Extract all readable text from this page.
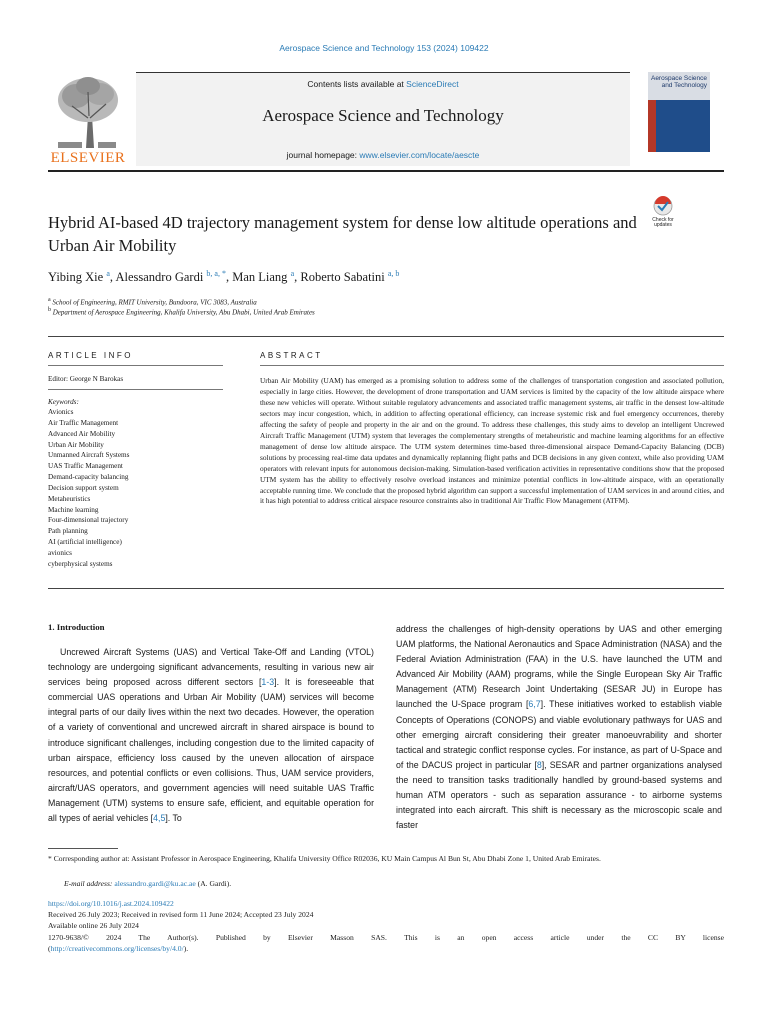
Aerospace Science and Technology 153 (2024) 109422
ELSEVIER
Contents lists available at ScienceDirect
Aerospace Science and Technology
journal homepage: www.elsevier.com/locate/aescte
Aerospace Science and Technology
Hybrid AI-based 4D trajectory management system for dense low altitude operations and Urban Air Mobility
Check for updates
Yibing Xie $^a$, Alessandro Gardi $^{b, a, *}$, Man Liang $^a$, Roberto Sabatini $^{a, b}$
$^a$ School of Engineering, RMIT University, Bundoora, VIC 3083, Australia
$^b$ Department of Aerospace Engineering, Khalifa University, Abu Dhabi, United Arab Emirates
ARTICLE INFO	ABSTRACT
Editor: George N Barokas
Keywords:
Avionics
Air Traffic Management
Advanced Air Mobility
Urban Air Mobility
Unmanned Aircraft Systems
UAS Traffic Management
Demand-capacity balancing
Decision support system
Metaheuristics
Machine learning
Four-dimensional trajectory
Path planning
AI (artificial intelligence)
avionics
cyberphysical systems
Urban Air Mobility (UAM) has emerged as a promising solution to address some of the challenges of transportation congestion and associated pollution, especially in large cities. However, the development of drone transportation and UAM services is limited by the capacity of the low altitude airspace where these new vehicles will operate. Without suitable regulatory advancements and associated traffic management systems, air traffic in the densest low-altitude sectors may incur congestion, which, in addition to affecting operational efficiency, can increase systemic risk and fuel emergency occurrences, thereby affecting the safety of people and property in the air and on the ground. To address these challenges, this study aims to develop an intelligent Uncrewed Aircraft Traffic Management (UTM) system that leverages the complementary strengths of metaheuristic and machine learning algorithms for an effective management of dense low altitude airspace. The UTM system determines time-based three-dimensional airspace Demand-Capacity Balancing (DCB) solutions by processing real-time data updates and dynamically replanning flight paths and DCB decisions in any given context, while also providing UAM operators with relevant inputs for autonomous decision-making. Simulation-based verification activities in representative conditions show that the proposed UTM system has the ability to effectively resolve overload instances and minimize potential conflicts in low-altitude airspace, with an operationally acceptable running time. We conclude that the proposed hybrid algorithm can support a successful implementation of UAM services in and around cities, and it has high potential to address critical airspace resource constraints also in traditional Air Traffic Flow Management (ATFM).
1. Introduction
Uncrewed Aircraft Systems (UAS) and Vertical Take-Off and Landing (VTOL) technology are undergoing significant advancements, resulting in various new air services being proposed across different sectors [1-3]. It is foreseeable that commercial UAS operations and Urban Air Mobility (UAM) services will become integral parts of our daily lives within the next two decades. However, the operation of a variety of conventional and uncrewed aircraft in shared airspace is bound to introduce significant challenges, including congestion due to the limited capacity of urban airspace, efficiency loss caused by the uneven allocation of airspace resources, and potential conflicts or even collisions. Thus, UAM service providers, aircraft/UAS operators, and government agencies will need suitable UAS Traffic Management (UTM) systems to ensure safe, efficient, and equitable operation for all types of aerial vehicles [4,5]. To
address the challenges of high-density operations by UAS and other emerging UAM platforms, the National Aeronautics and Space Administration (NASA) and the Federal Aviation Administration (FAA) in the U.S. have launched the UTM and Advanced Air Mobility (AAM) programs, while the Single European Sky Air Traffic Management (ATM) Research Joint Undertaking (SESAR JU) in Europe has launched the U-Space program [6,7]. These initiatives worked to establish viable Concepts of Operations (CONOPS) and viable evolutionary pathways for UAS and other emerging aircraft considering their greater manoeuvrability and shorter tactical and strategic conflict response cycles. For instance, as part of U-Space and of the DACUS project in particular [8], SESAR and partner organizations analysed the need to transition tasks traditionally handled by ground-based systems and human ATM operators - such as separation assurance - to airborne systems integrated into each aircraft. This shift is necessary as the microscopic scale and faster
* Corresponding author at: Assistant Professor in Aerospace Engineering, Khalifa University Office R02036, KU Main Campus Al Bun St, Abu Dhabi Zone 1, United Arab Emirates.
E-mail address: alessandro.gardi@ku.ac.ae (A. Gardi).
https://doi.org/10.1016/j.ast.2024.109422
Received 26 July 2023; Received in revised form 11 June 2024; Accepted 23 July 2024
Available online 26 July 2024
1270-9638/© 2024 The Author(s). Published by Elsevier Masson SAS. This is an open access article under the CC BY license
(http://creativecommons.org/licenses/by/4.0/).
